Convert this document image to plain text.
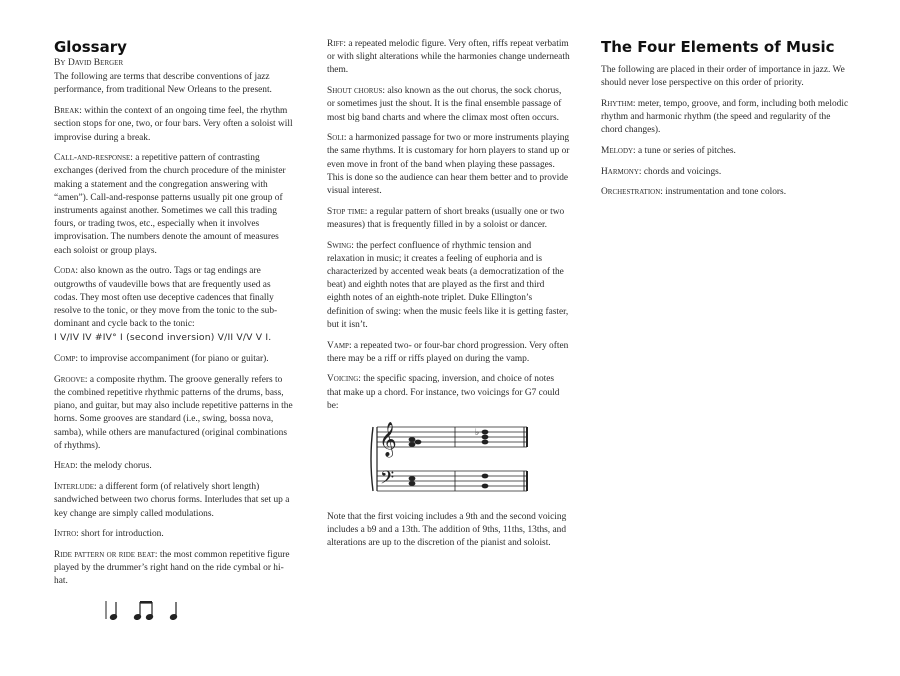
Glossary
By David Berger

The following are terms that describe conventions of jazz performance, from traditional New Orleans to the present.

Break: within the context of an ongoing time feel, the rhythm section stops for one, two, or four bars. Very often a soloist will improvise during a break.

Call-and-response: a repetitive pattern of contrasting exchanges (derived from the church procedure of the minister making a statement and the congregation answering with “amen”). Call-and-response patterns usually pit one group of instruments against another. Sometimes we call this trading fours, or trading twos, etc., especially when it involves improvisation. The numbers denote the amount of measures each soloist or group plays.

Coda: also known as the outro. Tags or tag endings are outgrowths of vaudeville bows that are frequently used as codas. They most often use deceptive cadences that finally resolve to the tonic, or they move from the tonic to the sub-dominant and cycle back to the tonic:
I V/IV IV #IV° I (second inversion) V/II V/V V I.

Comp: to improvise accompaniment (for piano or guitar).

Groove: a composite rhythm. The groove generally refers to the combined repetitive rhythmic patterns of the drums, bass, piano, and guitar, but may also include repetitive patterns in the horns. Some grooves are standard (i.e., swing, bossa nova, samba), while others are manufactured (original combinations of rhythms).

Head: the melody chorus.

Interlude: a different form (of relatively short length) sandwiched between two chorus forms. Interludes that set up a key change are simply called modulations.

Intro: short for introduction.

Ride pattern or ride beat: the most common repetitive figure played by the drummer’s right hand on the ride cymbal or hi-hat.

Riff: a repeated melodic figure. Very often, riffs repeat verbatim or with slight alterations while the harmonies change underneath them.

Shout chorus: also known as the out chorus, the sock chorus, or sometimes just the shout. It is the final ensemble passage of most big band charts and where the climax most often occurs.

Soli: a harmonized passage for two or more instruments playing the same rhythms. It is customary for horn players to stand up or even move in front of the band when playing these passages. This is done so the audience can hear them better and to provide visual interest.

Stop time: a regular pattern of short breaks (usually one or two measures) that is frequently filled in by a soloist or dancer.

Swing: the perfect confluence of rhythmic tension and relaxation in music; it creates a feeling of euphoria and is characterized by accented weak beats (a democratization of the beat) and eighth notes that are played as the first and third eighth notes of an eighth-note triplet. Duke Ellington’s definition of swing: when the music feels like it is getting faster, but it isn’t.

Vamp: a repeated two- or four-bar chord progression. Very often there may be a riff or riffs played on during the vamp.

Voicing: the specific spacing, inversion, and choice of notes that make up a chord. For instance, two voicings for G7 could be:

𝄞
𝄢
♭

Note that the first voicing includes a 9th and the second voicing includes a b9 and a 13th. The addition of 9ths, 11ths, 13ths, and alterations are up to the discretion of the pianist and soloist.

The Four Elements of Music

The following are placed in their order of importance in jazz. We should never lose perspective on this order of priority.

Rhythm: meter, tempo, groove, and form, including both melodic rhythm and harmonic rhythm (the speed and regularity of the chord changes).

Melody: a tune or series of pitches.

Harmony: chords and voicings.

Orchestration: instrumentation and tone colors.
